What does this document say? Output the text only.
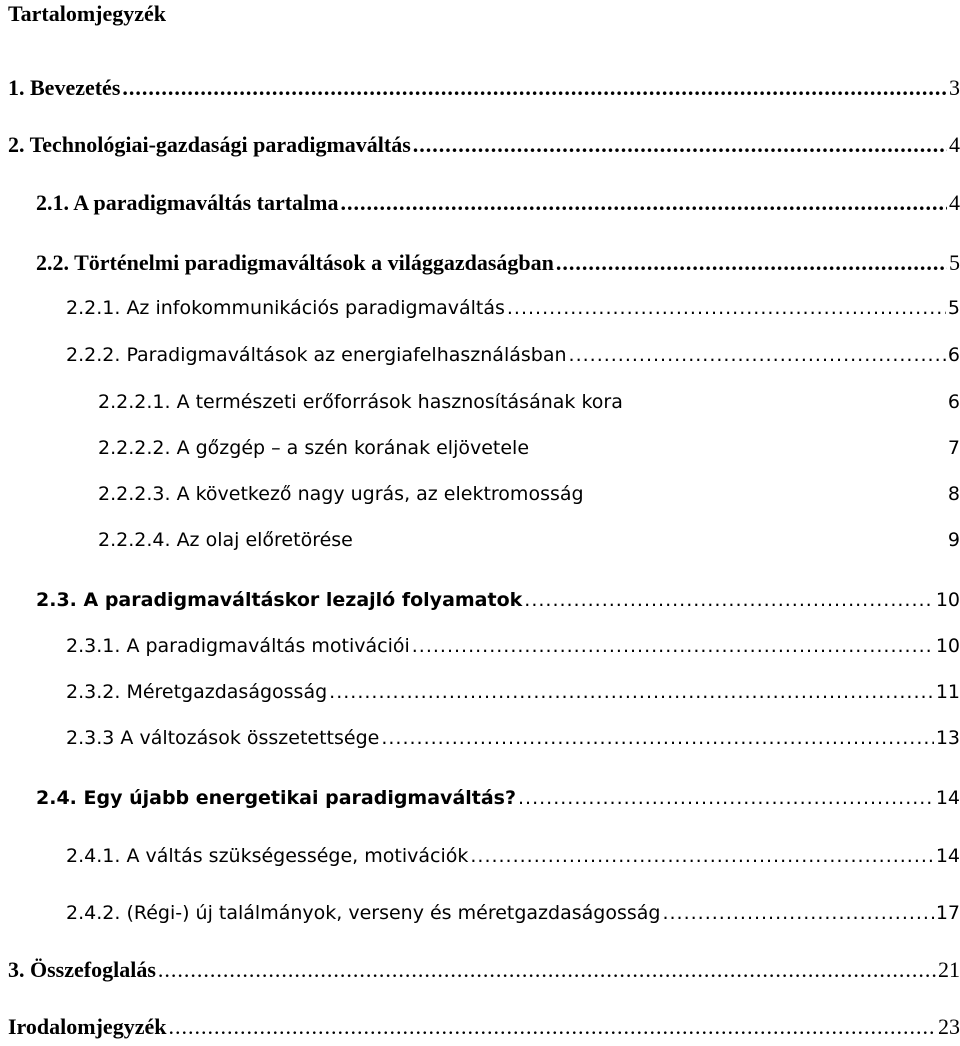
Tartalomjegyzék
1. Bevezetés .....	3
2. Technológiai-gazdasági paradigmaváltás .....	4
2.1. A paradigmaváltás tartalma .....	4
2.2. Történelmi paradigmaváltások a világgazdaságban .....	5
2.2.1. Az infokommunikációs paradigmaváltás .....	5
2.2.2. Paradigmaváltások az energiafelhasználásban .....	6
2.2.2.1. A természeti erőforrások hasznosításának kora	6
2.2.2.2. A gőzgép – a szén korának eljövetele	7
2.2.2.3. A következő nagy ugrás, az elektromosság	8
2.2.2.4. Az olaj előretörése	9
2.3. A paradigmaváltáskor lezajló folyamatok .....	10
2.3.1. A paradigmaváltás motivációi .....	10
2.3.2. Méretgazdaságosság .....	11
2.3.3 A változások összetettsége .....	13
2.4. Egy újabb energetikai paradigmaváltás? .....	14
2.4.1. A váltás szükségessége, motivációk .....	14
2.4.2. (Régi-) új találmányok, verseny és méretgazdaságosság .....	17
3. Összefoglalás .....	21
Irodalomjegyzék .....	23
